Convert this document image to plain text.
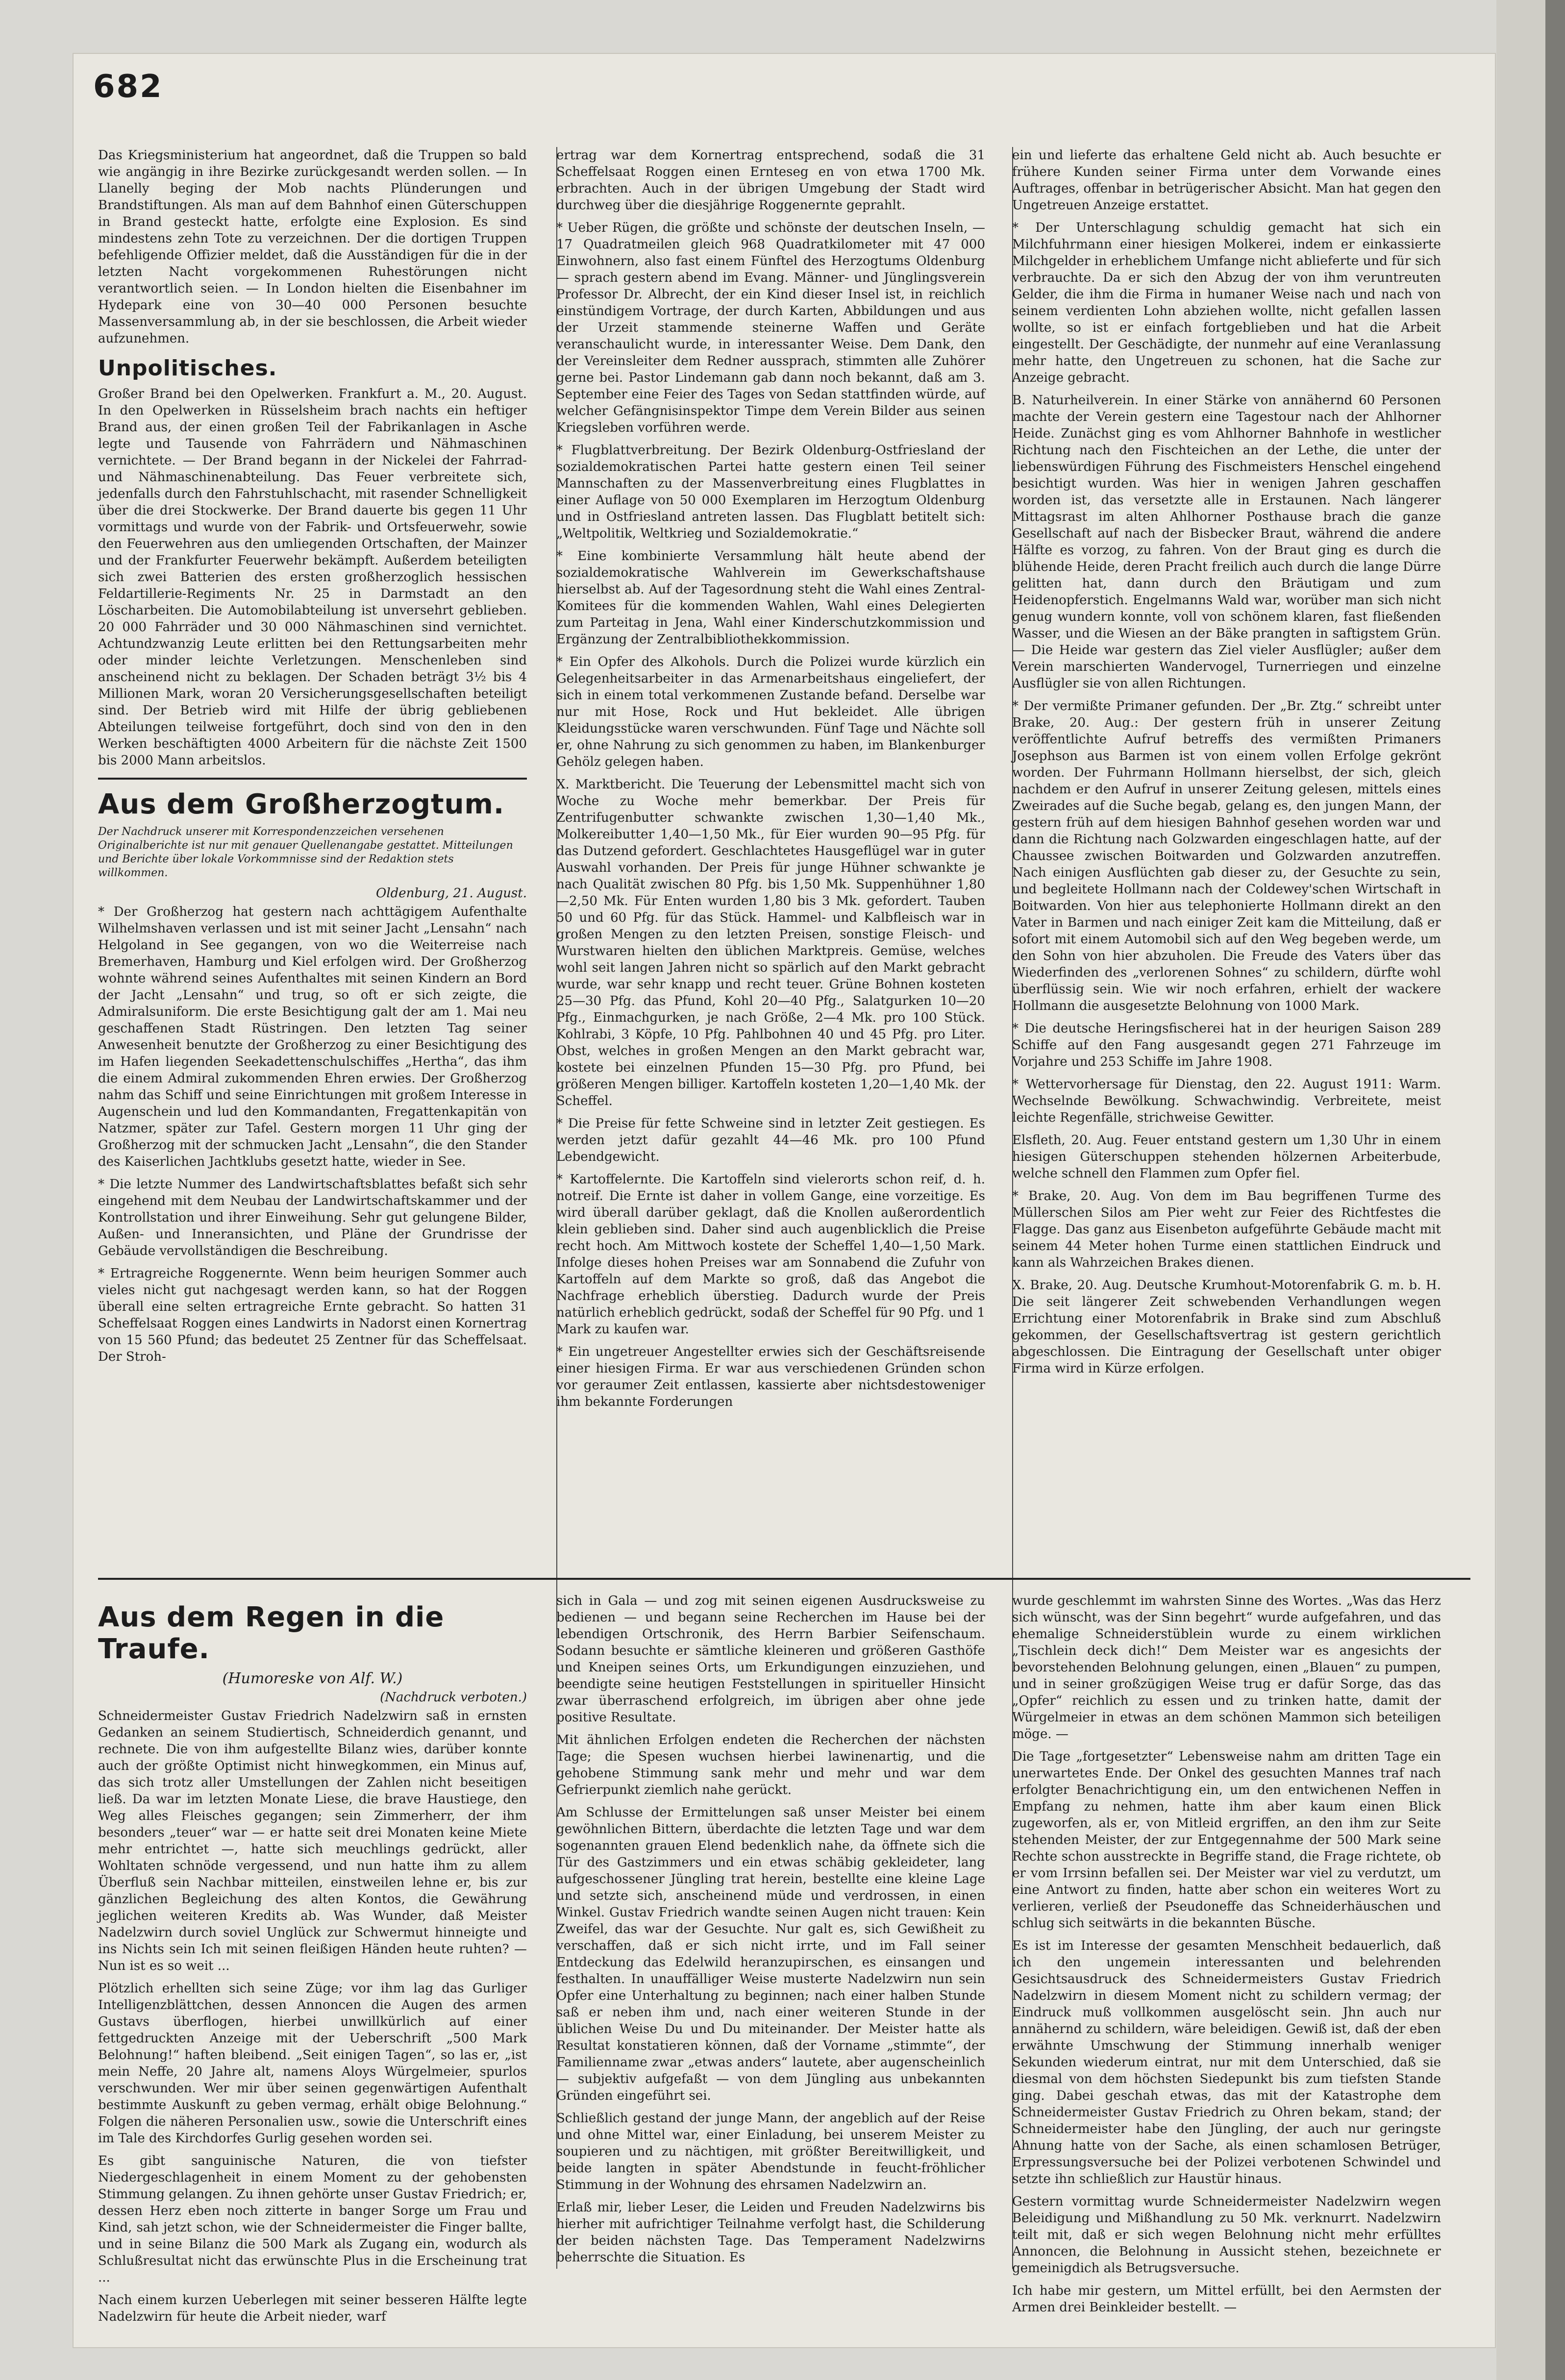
682

Das Kriegsministerium hat angeordnet, daß die Truppen so bald wie angängig in ihre Bezirke zurückgesandt werden sollen. — In Llanelly beging der Mob nachts Plünderungen und Brandstiftungen. Als man auf dem Bahnhof einen Güterschuppen in Brand gesteckt hatte, erfolgte eine Explosion. Es sind mindestens zehn Tote zu verzeichnen. Der die dortigen Truppen befehligende Offizier meldet, daß die Ausständigen für die in der letzten Nacht vorgekommenen Ruhestörungen nicht verantwortlich seien. — In London hielten die Eisenbahner im Hydepark eine von 30—40 000 Personen besuchte Massenversammlung ab, in der sie beschlossen, die Arbeit wieder aufzunehmen.

Unpolitisches.

Großer Brand bei den Opelwerken. Frankfurt a. M., 20. August. In den Opelwerken in Rüsselsheim brach nachts ein heftiger Brand aus, der einen großen Teil der Fabrikanlagen in Asche legte und Tausende von Fahrrädern und Nähmaschinen vernichtete. — Der Brand begann in der Nickelei der Fahrrad- und Nähmaschinenabteilung. Das Feuer verbreitete sich, jedenfalls durch den Fahrstuhlschacht, mit rasender Schnelligkeit über die drei Stockwerke. Der Brand dauerte bis gegen 11 Uhr vormittags und wurde von der Fabrik- und Ortsfeuerwehr, sowie den Feuerwehren aus den umliegenden Ortschaften, der Mainzer und der Frankfurter Feuerwehr bekämpft. Außerdem beteiligten sich zwei Batterien des ersten großherzoglich hessischen Feldartillerie-Regiments Nr. 25 in Darmstadt an den Löscharbeiten. Die Automobilabteilung ist unversehrt geblieben. 20 000 Fahrräder und 30 000 Nähmaschinen sind vernichtet. Achtundzwanzig Leute erlitten bei den Rettungsarbeiten mehr oder minder leichte Verletzungen. Menschenleben sind anscheinend nicht zu beklagen. Der Schaden beträgt 3½ bis 4 Millionen Mark, woran 20 Versicherungsgesellschaften beteiligt sind. Der Betrieb wird mit Hilfe der übrig gebliebenen Abteilungen teilweise fortgeführt, doch sind von den in den Werken beschäftigten 4000 Arbeitern für die nächste Zeit 1500 bis 2000 Mann arbeitslos.

Aus dem Großherzogtum.
Der Nachdruck unserer mit Korrespondenzzeichen versehenen Originalberichte ist nur mit genauer Quellenangabe gestattet. Mitteilungen und Berichte über lokale Vorkommnisse sind der Redaktion stets willkommen.
Oldenburg, 21. August.

* Der Großherzog hat gestern nach achttägigem Aufenthalte Wilhelmshaven verlassen und ist mit seiner Jacht „Lensahn“ nach Helgoland in See gegangen, von wo die Weiterreise nach Bremerhaven, Hamburg und Kiel erfolgen wird. Der Großherzog wohnte während seines Aufenthaltes mit seinen Kindern an Bord der Jacht „Lensahn“ und trug, so oft er sich zeigte, die Admiralsuniform. Die erste Besichtigung galt der am 1. Mai neu geschaffenen Stadt Rüstringen. Den letzten Tag seiner Anwesenheit benutzte der Großherzog zu einer Besichtigung des im Hafen liegenden Seekadettenschulschiffes „Hertha“, das ihm die einem Admiral zukommenden Ehren erwies. Der Großherzog nahm das Schiff und seine Einrichtungen mit großem Interesse in Augenschein und lud den Kommandanten, Fregattenkapitän von Natzmer, später zur Tafel. Gestern morgen 11 Uhr ging der Großherzog mit der schmucken Jacht „Lensahn“, die den Stander des Kaiserlichen Jachtklubs gesetzt hatte, wieder in See.

* Die letzte Nummer des Landwirtschaftsblattes befaßt sich sehr eingehend mit dem Neubau der Landwirtschaftskammer und der Kontrollstation und ihrer Einweihung. Sehr gut gelungene Bilder, Außen- und Inneransichten, und Pläne der Grundrisse der Gebäude vervollständigen die Beschreibung.

* Ertragreiche Roggenernte. Wenn beim heurigen Sommer auch vieles nicht gut nachgesagt werden kann, so hat der Roggen überall eine selten ertragreiche Ernte gebracht. So hatten 31 Scheffelsaat Roggen eines Landwirts in Nadorst einen Kornertrag von 15 560 Pfund; das bedeutet 25 Zentner für das Scheffelsaat. Der Stroh-

ertrag war dem Kornertrag entsprechend, sodaß die 31 Scheffelsaat Roggen einen Ernteseg en von etwa 1700 Mk. erbrachten. Auch in der übrigen Umgebung der Stadt wird durchweg über die diesjährige Roggenernte geprahlt.

* Ueber Rügen, die größte und schönste der deutschen Inseln, — 17 Quadratmeilen gleich 968 Quadratkilometer mit 47 000 Einwohnern, also fast einem Fünftel des Herzogtums Oldenburg — sprach gestern abend im Evang. Männer- und Jünglingsverein Professor Dr. Albrecht, der ein Kind dieser Insel ist, in reichlich einstündigem Vortrage, der durch Karten, Abbildungen und aus der Urzeit stammende steinerne Waffen und Geräte veranschaulicht wurde, in interessanter Weise. Dem Dank, den der Vereinsleiter dem Redner aussprach, stimmten alle Zuhörer gerne bei. Pastor Lindemann gab dann noch bekannt, daß am 3. September eine Feier des Tages von Sedan stattfinden würde, auf welcher Gefängnisinspektor Timpe dem Verein Bilder aus seinen Kriegsleben vorführen werde.

* Flugblattverbreitung. Der Bezirk Oldenburg-Ostfriesland der sozialdemokratischen Partei hatte gestern einen Teil seiner Mannschaften zu der Massenverbreitung eines Flugblattes in einer Auflage von 50 000 Exemplaren im Herzogtum Oldenburg und in Ostfriesland antreten lassen. Das Flugblatt betitelt sich: „Weltpolitik, Weltkrieg und Sozialdemokratie.“

* Eine kombinierte Versammlung hält heute abend der sozialdemokratische Wahlverein im Gewerkschaftshause hierselbst ab. Auf der Tagesordnung steht die Wahl eines Zentral-Komitees für die kommenden Wahlen, Wahl eines Delegierten zum Parteitag in Jena, Wahl einer Kinderschutzkommission und Ergänzung der Zentralbibliothekkommission.

* Ein Opfer des Alkohols. Durch die Polizei wurde kürzlich ein Gelegenheitsarbeiter in das Armenarbeitshaus eingeliefert, der sich in einem total verkommenen Zustande befand. Derselbe war nur mit Hose, Rock und Hut bekleidet. Alle übrigen Kleidungsstücke waren verschwunden. Fünf Tage und Nächte soll er, ohne Nahrung zu sich genommen zu haben, im Blankenburger Gehölz gelegen haben.

X. Marktbericht. Die Teuerung der Lebensmittel macht sich von Woche zu Woche mehr bemerkbar. Der Preis für Zentrifugenbutter schwankte zwischen 1,30—1,40 Mk., Molkereibutter 1,40—1,50 Mk., für Eier wurden 90—95 Pfg. für das Dutzend gefordert. Geschlachtetes Hausgeflügel war in guter Auswahl vorhanden. Der Preis für junge Hühner schwankte je nach Qualität zwischen 80 Pfg. bis 1,50 Mk. Suppenhühner 1,80—2,50 Mk. Für Enten wurden 1,80 bis 3 Mk. gefordert. Tauben 50 und 60 Pfg. für das Stück. Hammel- und Kalbfleisch war in großen Mengen zu den letzten Preisen, sonstige Fleisch- und Wurstwaren hielten den üblichen Marktpreis. Gemüse, welches wohl seit langen Jahren nicht so spärlich auf den Markt gebracht wurde, war sehr knapp und recht teuer. Grüne Bohnen kosteten 25—30 Pfg. das Pfund, Kohl 20—40 Pfg., Salatgurken 10—20 Pfg., Einmachgurken, je nach Größe, 2—4 Mk. pro 100 Stück. Kohlrabi, 3 Köpfe, 10 Pfg. Pahlbohnen 40 und 45 Pfg. pro Liter. Obst, welches in großen Mengen an den Markt gebracht war, kostete bei einzelnen Pfunden 15—30 Pfg. pro Pfund, bei größeren Mengen billiger. Kartoffeln kosteten 1,20—1,40 Mk. der Scheffel.

* Die Preise für fette Schweine sind in letzter Zeit gestiegen. Es werden jetzt dafür gezahlt 44—46 Mk. pro 100 Pfund Lebendgewicht.

* Kartoffelernte. Die Kartoffeln sind vielerorts schon reif, d. h. notreif. Die Ernte ist daher in vollem Gange, eine vorzeitige. Es wird überall darüber geklagt, daß die Knollen außerordentlich klein geblieben sind. Daher sind auch augenblicklich die Preise recht hoch. Am Mittwoch kostete der Scheffel 1,40—1,50 Mark. Infolge dieses hohen Preises war am Sonnabend die Zufuhr von Kartoffeln auf dem Markte so groß, daß das Angebot die Nachfrage erheblich überstieg. Dadurch wurde der Preis natürlich erheblich gedrückt, sodaß der Scheffel für 90 Pfg. und 1 Mark zu kaufen war.

* Ein ungetreuer Angestellter erwies sich der Geschäftsreisende einer hiesigen Firma. Er war aus verschiedenen Gründen schon vor geraumer Zeit entlassen, kassierte aber nichtsdestoweniger ihm bekannte Forderungen

ein und lieferte das erhaltene Geld nicht ab. Auch besuchte er frühere Kunden seiner Firma unter dem Vorwande eines Auftrages, offenbar in betrügerischer Absicht. Man hat gegen den Ungetreuen Anzeige erstattet.

* Der Unterschlagung schuldig gemacht hat sich ein Milchfuhrmann einer hiesigen Molkerei, indem er einkassierte Milchgelder in erheblichem Umfange nicht ablieferte und für sich verbrauchte. Da er sich den Abzug der von ihm veruntreuten Gelder, die ihm die Firma in humaner Weise nach und nach von seinem verdienten Lohn abziehen wollte, nicht gefallen lassen wollte, so ist er einfach fortgeblieben und hat die Arbeit eingestellt. Der Geschädigte, der nunmehr auf eine Veranlassung mehr hatte, den Ungetreuen zu schonen, hat die Sache zur Anzeige gebracht.

B. Naturheilverein. In einer Stärke von annähernd 60 Personen machte der Verein gestern eine Tagestour nach der Ahlhorner Heide. Zunächst ging es vom Ahlhorner Bahnhofe in westlicher Richtung nach den Fischteichen an der Lethe, die unter der liebenswürdigen Führung des Fischmeisters Henschel eingehend besichtigt wurden. Was hier in wenigen Jahren geschaffen worden ist, das versetzte alle in Erstaunen. Nach längerer Mittagsrast im alten Ahlhorner Posthause brach die ganze Gesellschaft auf nach der Bisbecker Braut, während die andere Hälfte es vorzog, zu fahren. Von der Braut ging es durch die blühende Heide, deren Pracht freilich auch durch die lange Dürre gelitten hat, dann durch den Bräutigam und zum Heidenopferstich. Engelmanns Wald war, worüber man sich nicht genug wundern konnte, voll von schönem klaren, fast fließenden Wasser, und die Wiesen an der Bäke prangten in saftigstem Grün. — Die Heide war gestern das Ziel vieler Ausflügler; außer dem Verein marschierten Wandervogel, Turnerriegen und einzelne Ausflügler sie von allen Richtungen.

* Der vermißte Primaner gefunden. Der „Br. Ztg.“ schreibt unter Brake, 20. Aug.: Der gestern früh in unserer Zeitung veröffentlichte Aufruf betreffs des vermißten Primaners Josephson aus Barmen ist von einem vollen Erfolge gekrönt worden. Der Fuhrmann Hollmann hierselbst, der sich, gleich nachdem er den Aufruf in unserer Zeitung gelesen, mittels eines Zweirades auf die Suche begab, gelang es, den jungen Mann, der gestern früh auf dem hiesigen Bahnhof gesehen worden war und dann die Richtung nach Golzwarden eingeschlagen hatte, auf der Chaussee zwischen Boitwarden und Golzwarden anzutreffen. Nach einigen Ausflüchten gab dieser zu, der Gesuchte zu sein, und begleitete Hollmann nach der Coldewey'schen Wirtschaft in Boitwarden. Von hier aus telephonierte Hollmann direkt an den Vater in Barmen und nach einiger Zeit kam die Mitteilung, daß er sofort mit einem Automobil sich auf den Weg begeben werde, um den Sohn von hier abzuholen. Die Freude des Vaters über das Wiederfinden des „verlorenen Sohnes“ zu schildern, dürfte wohl überflüssig sein. Wie wir noch erfahren, erhielt der wackere Hollmann die ausgesetzte Belohnung von 1000 Mark.

* Die deutsche Heringsfischerei hat in der heurigen Saison 289 Schiffe auf den Fang ausgesandt gegen 271 Fahrzeuge im Vorjahre und 253 Schiffe im Jahre 1908.

* Wettervorhersage für Dienstag, den 22. August 1911: Warm. Wechselnde Bewölkung. Schwachwindig. Verbreitete, meist leichte Regenfälle, strichweise Gewitter.

Elsfleth, 20. Aug. Feuer entstand gestern um 1,30 Uhr in einem hiesigen Güterschuppen stehenden hölzernen Arbeiterbude, welche schnell den Flammen zum Opfer fiel.

* Brake, 20. Aug. Von dem im Bau begriffenen Turme des Müllerschen Silos am Pier weht zur Feier des Richtfestes die Flagge. Das ganz aus Eisenbeton aufgeführte Gebäude macht mit seinem 44 Meter hohen Turme einen stattlichen Eindruck und kann als Wahrzeichen Brakes dienen.

X. Brake, 20. Aug. Deutsche Krumhout-Motorenfabrik G. m. b. H. Die seit längerer Zeit schwebenden Verhandlungen wegen Errichtung einer Motorenfabrik in Brake sind zum Abschluß gekommen, der Gesellschaftsvertrag ist gestern gerichtlich abgeschlossen. Die Eintragung der Gesellschaft unter obiger Firma wird in Kürze erfolgen.

Aus dem Regen in die Traufe.
(Humoreske von Alf. W.)
(Nachdruck verboten.)

Schneidermeister Gustav Friedrich Nadelzwirn saß in ernsten Gedanken an seinem Studiertisch, Schneiderdich genannt, und rechnete. Die von ihm aufgestellte Bilanz wies, darüber konnte auch der größte Optimist nicht hinwegkommen, ein Minus auf, das sich trotz aller Umstellungen der Zahlen nicht beseitigen ließ. Da war im letzten Monate Liese, die brave Haustiege, den Weg alles Fleisches gegangen; sein Zimmerherr, der ihm besonders „teuer“ war — er hatte seit drei Monaten keine Miete mehr entrichtet —, hatte sich meuchlings gedrückt, aller Wohltaten schnöde vergessend, und nun hatte ihm zu allem Überfluß sein Nachbar mitteilen, einstweilen lehne er, bis zur gänzlichen Begleichung des alten Kontos, die Gewährung jeglichen weiteren Kredits ab. Was Wunder, daß Meister Nadelzwirn durch soviel Unglück zur Schwermut hinneigte und ins Nichts sein Ich mit seinen fleißigen Händen heute ruhten? — Nun ist es so weit ...

Plötzlich erhellten sich seine Züge; vor ihm lag das Gurliger Intelligenzblättchen, dessen Annoncen die Augen des armen Gustavs überflogen, hierbei unwillkürlich auf einer fettgedruckten Anzeige mit der Ueberschrift „500 Mark Belohnung!“ haften bleibend. „Seit einigen Tagen“, so las er, „ist mein Neffe, 20 Jahre alt, namens Aloys Würgelmeier, spurlos verschwunden. Wer mir über seinen gegenwärtigen Aufenthalt bestimmte Auskunft zu geben vermag, erhält obige Belohnung.“ Folgen die näheren Personalien usw., sowie die Unterschrift eines im Tale des Kirchdorfes Gurlig gesehen worden sei.

Es gibt sanguinische Naturen, die von tiefster Niedergeschlagenheit in einem Moment zu der gehobensten Stimmung gelangen. Zu ihnen gehörte unser Gustav Friedrich; er, dessen Herz eben noch zitterte in banger Sorge um Frau und Kind, sah jetzt schon, wie der Schneidermeister die Finger ballte, und in seine Bilanz die 500 Mark als Zugang ein, wodurch als Schlußresultat nicht das erwünschte Plus in die Erscheinung trat ...

Nach einem kurzen Ueberlegen mit seiner besseren Hälfte legte Nadelzwirn für heute die Arbeit nieder, warf

sich in Gala — und zog mit seinen eigenen Ausdrucksweise zu bedienen — und begann seine Recherchen im Hause bei der lebendigen Ortschronik, des Herrn Barbier Seifenschaum. Sodann besuchte er sämtliche kleineren und größeren Gasthöfe und Kneipen seines Orts, um Erkundigungen einzuziehen, und beendigte seine heutigen Feststellungen in spiritueller Hinsicht zwar überraschend erfolgreich, im übrigen aber ohne jede positive Resultate.

Mit ähnlichen Erfolgen endeten die Recherchen der nächsten Tage; die Spesen wuchsen hierbei lawinenartig, und die gehobene Stimmung sank mehr und mehr und war dem Gefrierpunkt ziemlich nahe gerückt.

Am Schlusse der Ermittelungen saß unser Meister bei einem gewöhnlichen Bittern, überdachte die letzten Tage und war dem sogenannten grauen Elend bedenklich nahe, da öffnete sich die Tür des Gastzimmers und ein etwas schäbig gekleideter, lang aufgeschossener Jüngling trat herein, bestellte eine kleine Lage und setzte sich, anscheinend müde und verdrossen, in einen Winkel. Gustav Friedrich wandte seinen Augen nicht trauen: Kein Zweifel, das war der Gesuchte. Nur galt es, sich Gewißheit zu verschaffen, daß er sich nicht irrte, und im Fall seiner Entdeckung das Edelwild heranzupirschen, es einsangen und festhalten. In unauffälliger Weise musterte Nadelzwirn nun sein Opfer eine Unterhaltung zu beginnen; nach einer halben Stunde saß er neben ihm und, nach einer weiteren Stunde in der üblichen Weise Du und Du miteinander. Der Meister hatte als Resultat konstatieren können, daß der Vorname „stimmte“, der Familienname zwar „etwas anders“ lautete, aber augenscheinlich — subjektiv aufgefaßt — von dem Jüngling aus unbekannten Gründen eingeführt sei.

Schließlich gestand der junge Mann, der angeblich auf der Reise und ohne Mittel war, einer Einladung, bei unserem Meister zu soupieren und zu nächtigen, mit größter Bereitwilligkeit, und beide langten in später Abendstunde in feucht-fröhlicher Stimmung in der Wohnung des ehrsamen Nadelzwirn an.

Erlaß mir, lieber Leser, die Leiden und Freuden Nadelzwirns bis hierher mit aufrichtiger Teilnahme verfolgt hast, die Schilderung der beiden nächsten Tage. Das Temperament Nadelzwirns beherrschte die Situation. Es

wurde geschlemmt im wahrsten Sinne des Wortes. „Was das Herz sich wünscht, was der Sinn begehrt“ wurde aufgefahren, und das ehemalige Schneiderstüblein wurde zu einem wirklichen „Tischlein deck dich!“ Dem Meister war es angesichts der bevorstehenden Belohnung gelungen, einen „Blauen“ zu pumpen, und in seiner großzügigen Weise trug er dafür Sorge, das das „Opfer“ reichlich zu essen und zu trinken hatte, damit der Würgelmeier in etwas an dem schönen Mammon sich beteiligen möge. —

Die Tage „fortgesetzter“ Lebensweise nahm am dritten Tage ein unerwartetes Ende. Der Onkel des gesuchten Mannes traf nach erfolgter Benachrichtigung ein, um den entwichenen Neffen in Empfang zu nehmen, hatte ihm aber kaum einen Blick zugeworfen, als er, von Mitleid ergriffen, an den ihm zur Seite stehenden Meister, der zur Entgegennahme der 500 Mark seine Rechte schon ausstreckte in Begriffe stand, die Frage richtete, ob er vom Irrsinn befallen sei. Der Meister war viel zu verdutzt, um eine Antwort zu finden, hatte aber schon ein weiteres Wort zu verlieren, verließ der Pseudoneffe das Schneiderhäuschen und schlug sich seitwärts in die bekannten Büsche.

Es ist im Interesse der gesamten Menschheit bedauerlich, daß ich den ungemein interessanten und belehrenden Gesichtsausdruck des Schneidermeisters Gustav Friedrich Nadelzwirn in diesem Moment nicht zu schildern vermag; der Eindruck muß vollkommen ausgelöscht sein. Jhn auch nur annähernd zu schildern, wäre beleidigen. Gewiß ist, daß der eben erwähnte Umschwung der Stimmung innerhalb weniger Sekunden wiederum eintrat, nur mit dem Unterschied, daß sie diesmal von dem höchsten Siedepunkt bis zum tiefsten Stande ging. Dabei geschah etwas, das mit der Katastrophe dem Schneidermeister Gustav Friedrich zu Ohren bekam, stand; der Schneidermeister habe den Jüngling, der auch nur geringste Ahnung hatte von der Sache, als einen schamlosen Betrüger, Erpressungsversuche bei der Polizei verbotenen Schwindel und setzte ihn schließlich zur Haustür hinaus.

Gestern vormittag wurde Schneidermeister Nadelzwirn wegen Beleidigung und Mißhandlung zu 50 Mk. verknurrt. Nadelzwirn teilt mit, daß er sich wegen Belohnung nicht mehr erfülltes Annoncen, die Belohnung in Aussicht stehen, bezeichnete er gemeinigdich als Betrugsversuche.

Ich habe mir gestern, um Mittel erfüllt, bei den Aermsten der Armen drei Beinkleider bestellt. —
